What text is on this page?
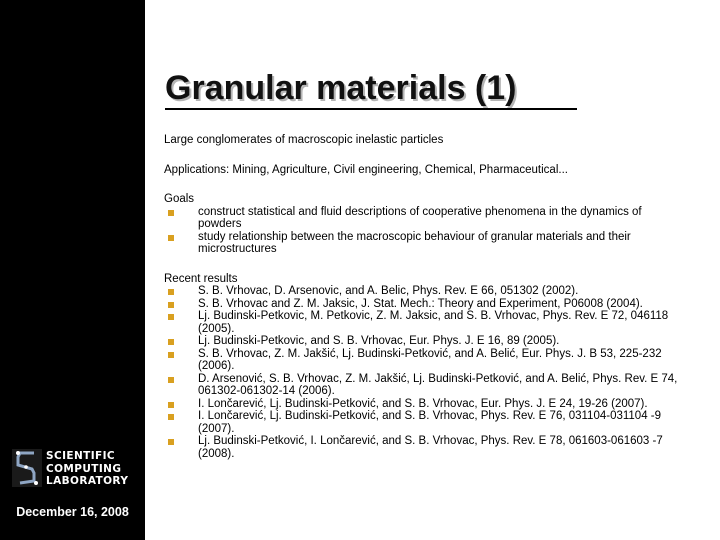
SCIENTIFIC
COMPUTING
LABORATORY
December 16, 2008
Granular materials (1)

Large conglomerates of macroscopic inelastic particles

Applications: Mining, Agriculture, Civil engineering, Chemical, Pharmaceutical...

Goals
construct statistical and fluid descriptions of cooperative phenomena in the dynamics of powders
study relationship between the macroscopic behaviour of granular materials and their microstructures
Recent results
S. B. Vrhovac, D. Arsenovic, and A. Belic, Phys. Rev. E 66, 051302 (2002).
S. B. Vrhovac and Z. M. Jaksic, J. Stat. Mech.: Theory and Experiment, P06008 (2004).
Lj. Budinski-Petkovic, M. Petkovic, Z. M. Jaksic, and S. B. Vrhovac, Phys. Rev. E 72, 046118 (2005).
Lj. Budinski-Petkovic, and S. B. Vrhovac, Eur. Phys. J. E 16, 89 (2005).
S. B. Vrhovac, Z. M. Jakšić, Lj. Budinski-Petković, and A. Belić, Eur. Phys. J. B 53, 225-232 (2006).
D. Arsenović, S. B. Vrhovac, Z. M. Jakšić, Lj. Budinski-Petković, and A. Belić, Phys. Rev. E 74, 061302-061302-14 (2006).
I. Lončarević, Lj. Budinski-Petković, and S. B. Vrhovac, Eur. Phys. J. E 24, 19-26 (2007).
I. Lončarević, Lj. Budinski-Petković, and S. B. Vrhovac, Phys. Rev. E 76, 031104-031104 -9 (2007).
Lj. Budinski-Petković, I. Lončarević, and S. B. Vrhovac, Phys. Rev. E 78, 061603-061603 -7 (2008).
